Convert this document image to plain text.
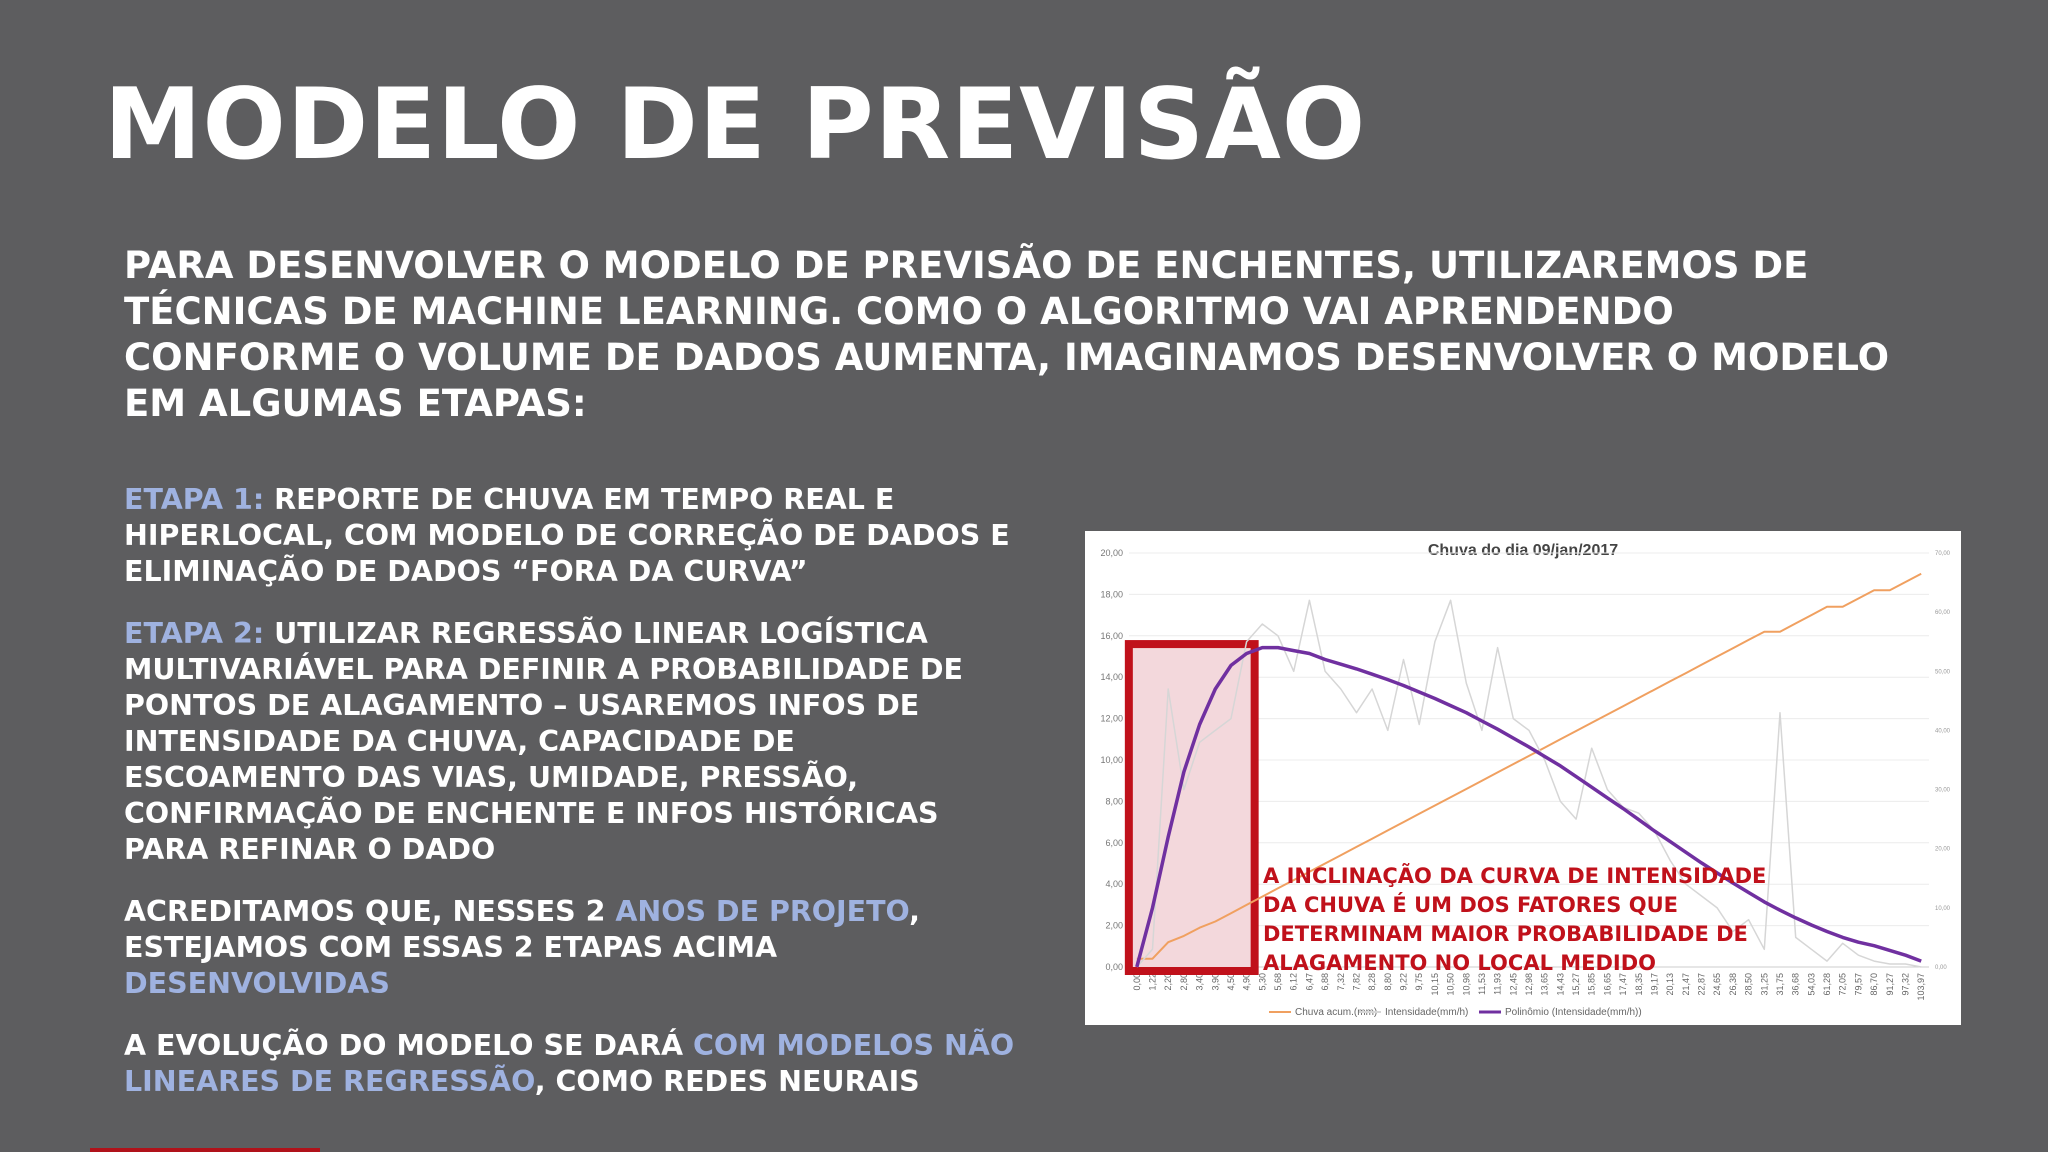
MODELO DE PREVISÃO

PARA DESENVOLVER O MODELO DE PREVISÃO DE ENCHENTES, UTILIZAREMOS DE TÉCNICAS DE MACHINE LEARNING. COMO O ALGORITMO VAI APRENDENDO CONFORME O VOLUME DE DADOS AUMENTA, IMAGINAMOS DESENVOLVER O MODELO EM ALGUMAS ETAPAS:

ETAPA 1: REPORTE DE CHUVA EM TEMPO REAL E HIPERLOCAL, COM MODELO DE CORREÇÃO DE DADOS E ELIMINAÇÃO DE DADOS “FORA DA CURVA”

ETAPA 2: UTILIZAR REGRESSÃO LINEAR LOGÍSTICA MULTIVARIÁVEL PARA DEFINIR A PROBABILIDADE DE PONTOS DE ALAGAMENTO – USAREMOS INFOS DE INTENSIDADE DA CHUVA, CAPACIDADE DE ESCOAMENTO DAS VIAS, UMIDADE, PRESSÃO, CONFIRMAÇÃO DE ENCHENTE E INFOS HISTÓRICAS PARA REFINAR O DADO

ACREDITAMOS QUE, NESSES 2 ANOS DE PROJETO, ESTEJAMOS COM ESSAS 2 ETAPAS ACIMA DESENVOLVIDAS

A EVOLUÇÃO DO MODELO SE DARÁ COM MODELOS NÃO LINEARES DE REGRESSÃO, COMO REDES NEURAIS

Chuva do dia 09/jan/2017
0,00
2,00
4,00
6,00
8,00
10,00
12,00
14,00
16,00
18,00
20,00
0,00
10,00
20,00
30,00
40,00
50,00
60,00
70,00
0,00 1,22 2,20 2,80 3,40 3,90 4,50 4,90 5,30 5,68 6,12 6,47 6,88 7,32 7,82 8,28 8,80 9,22 9,75 10,15 10,50 10,98 11,53 11,93 12,45 12,98 13,65 14,43 15,27 15,85 16,65 17,47 18,35 19,17 20,13 21,47 22,87 24,65 26,38 28,50 31,25 31,75 36,68 54,03 61,28 72,05 79,57 86,70 91,27 97,32 103,97
Chuva acum.(mm) Intensidade(mm/h)	Polinômio (Intensidade(mm/h))
A INCLINAÇÃO DA CURVA DE INTENSIDADE
DA CHUVA É UM DOS FATORES QUE
DETERMINAM MAIOR PROBABILIDADE DE
ALAGAMENTO NO LOCAL MEDIDO
